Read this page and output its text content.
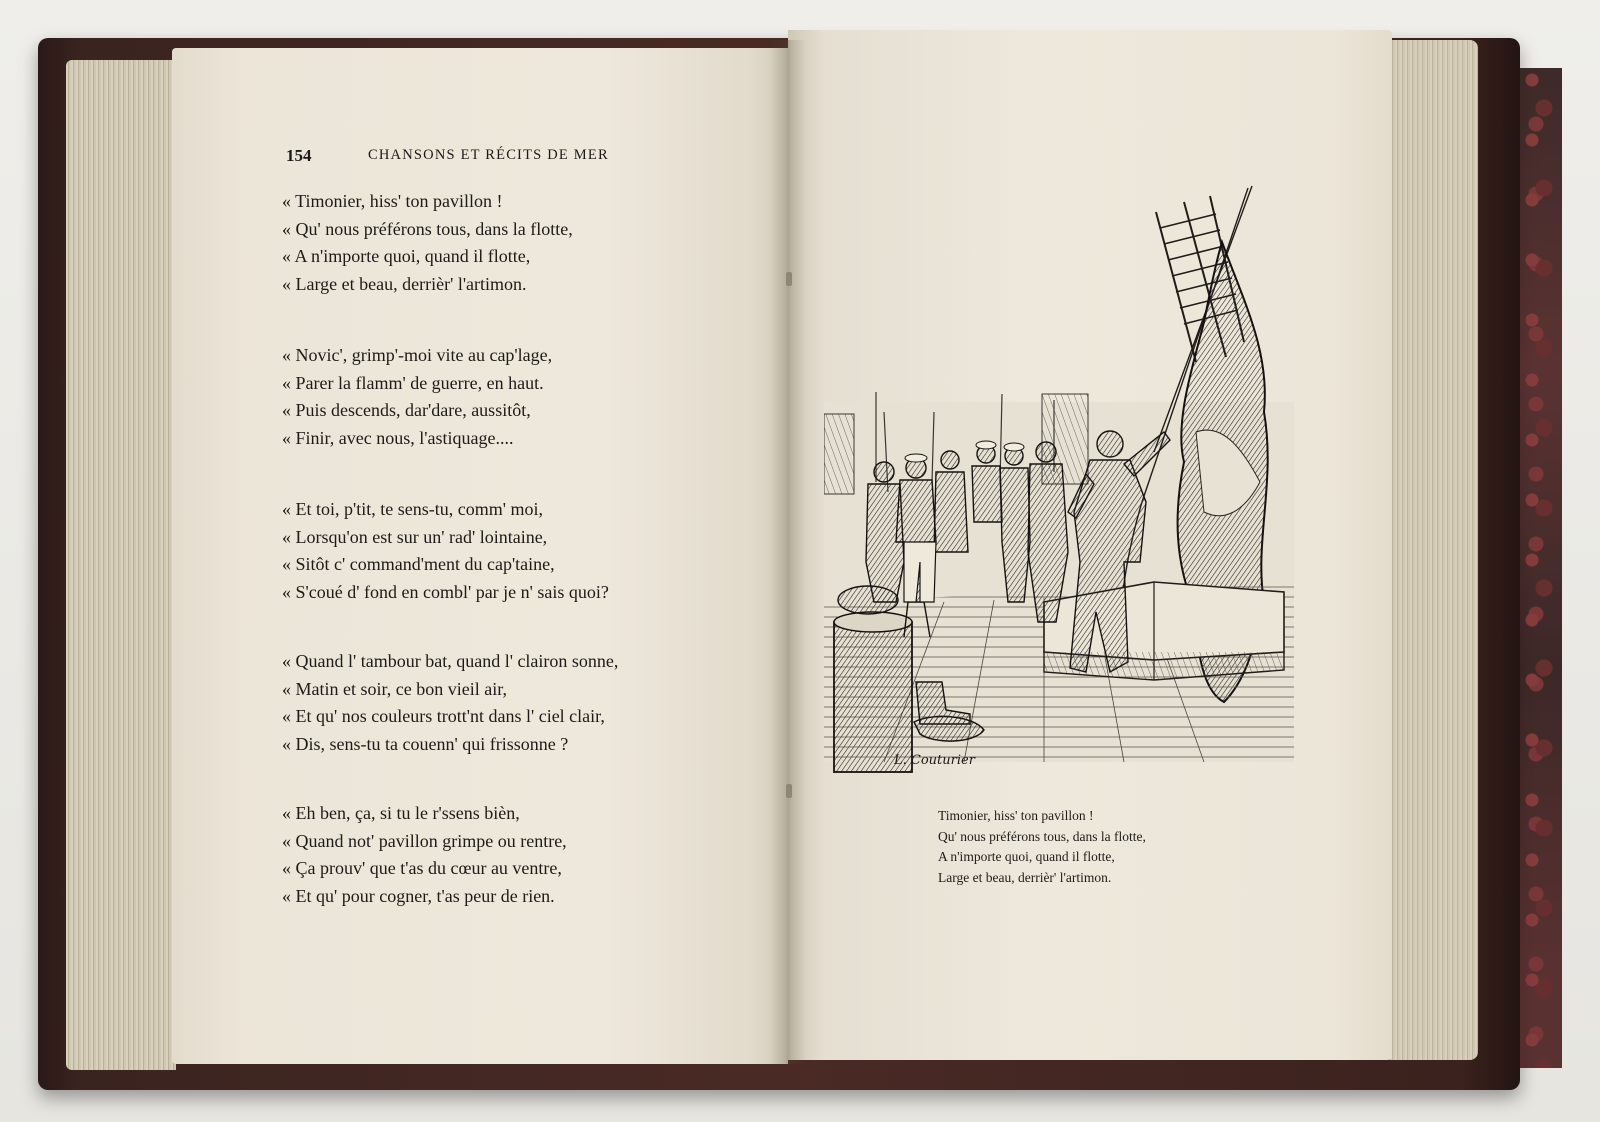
154	CHANSONS ET RÉCITS DE MER
« Timonier, hiss' ton pavillon !
« Qu' nous préférons tous, dans la flotte,
« A n'importe quoi, quand il flotte,
« Large et beau, derrièr' l'artimon.
« Novic', grimp'-moi vite au cap'lage,
« Parer la flamm' de guerre, en haut.
« Puis descends, dar'dare, aussitôt,
« Finir, avec nous, l'astiquage....
« Et toi, p'tit, te sens-tu, comm' moi,
« Lorsqu'on est sur un' rad' lointaine,
« Sitôt c' command'ment du cap'taine,
« S'coué d' fond en combl' par je n' sais quoi?
« Quand l' tambour bat, quand l' clairon sonne,
« Matin et soir, ce bon vieil air,
« Et qu' nos couleurs trott'nt dans l' ciel clair,
« Dis, sens-tu ta couenn' qui frissonne ?
« Eh ben, ça, si tu le r'ssens bièn,
« Quand not' pavillon grimpe ou rentre,
« Ça prouv' que t'as du cœur au ventre,
« Et qu' pour cogner, t'as peur de rien.
L. Couturier
Timonier, hiss' ton pavillon !
Qu' nous préférons tous, dans la flotte,
A n'importe quoi, quand il flotte,
Large et beau, derrièr' l'artimon.
